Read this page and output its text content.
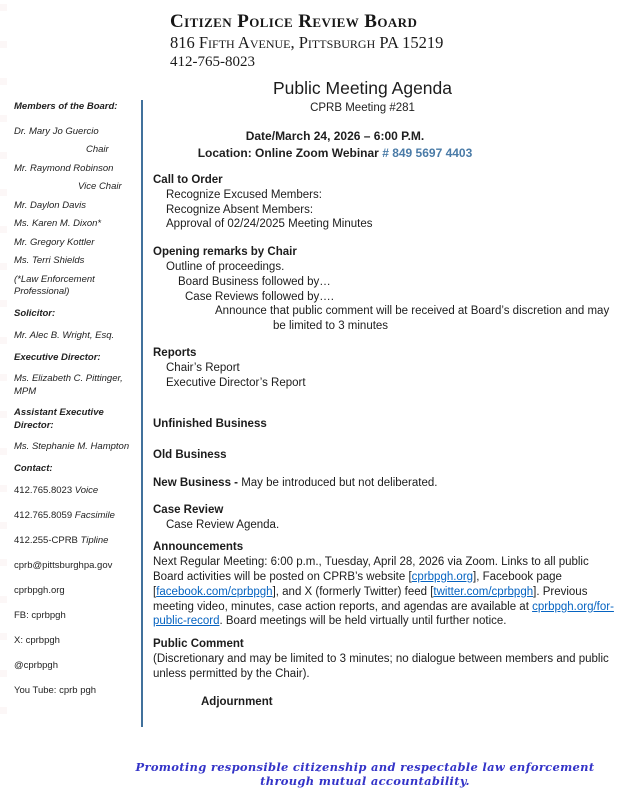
Citizen Police Review Board
816 Fifth Avenue, Pittsburgh PA 15219
412-765-8023
Public Meeting Agenda
CPRB Meeting #281
Date/March 24, 2026 – 6:00 P.M.
Location: Online Zoom Webinar # 849 5697 4403
Members of the Board:
Dr. Mary Jo Guercio
Chair
Mr. Raymond Robinson
Vice Chair
Mr. Daylon Davis
Ms. Karen M. Dixon*
Mr. Gregory Kottler
Ms. Terri Shields
(*Law Enforcement Professional)
Solicitor:
Mr. Alec B. Wright, Esq.
Executive Director:
Ms. Elizabeth C. Pittinger, MPM
Assistant Executive Director:
Ms. Stephanie M. Hampton
Contact:
412.765.8023 Voice
412.765.8059 Facsimile
412.255-CPRB Tipline
cprb@pittsburghpa.gov
cprbpgh.org
FB: cprbpgh
X: cprbpgh
@cprbpgh
You Tube: cprb pgh
Call to Order
Recognize Excused Members:
Recognize Absent Members:
Approval of 02/24/2025 Meeting Minutes
Opening remarks by Chair
Outline of proceedings.
Board Business followed by…
Case Reviews followed by….
Announce that public comment will be received at Board’s discretion and may
be limited to 3 minutes
Reports
Chair’s Report
Executive Director’s Report
Unfinished Business
Old Business
New Business - May be introduced but not deliberated.
Case Review
Case Review Agenda.
Announcements

Next Regular Meeting: 6:00 p.m., Tuesday, April 28, 2026 via Zoom. Links to all public Board activities will be posted on CPRB’s website [cprbpgh.org], Facebook page [facebook.com/cprbpgh], and X (formerly Twitter) feed [twitter.com/cprbpgh]. Previous meeting video, minutes, case action reports, and agendas are available at cprbpgh.org/for-public-record. Board meetings will be held virtually until further notice.

Public Comment
(Discretionary and may be limited to 3 minutes; no dialogue between members and public unless permitted by the Chair).
Adjournment
Promoting responsible citizenship and respectable law enforcement through mutual accountability.
